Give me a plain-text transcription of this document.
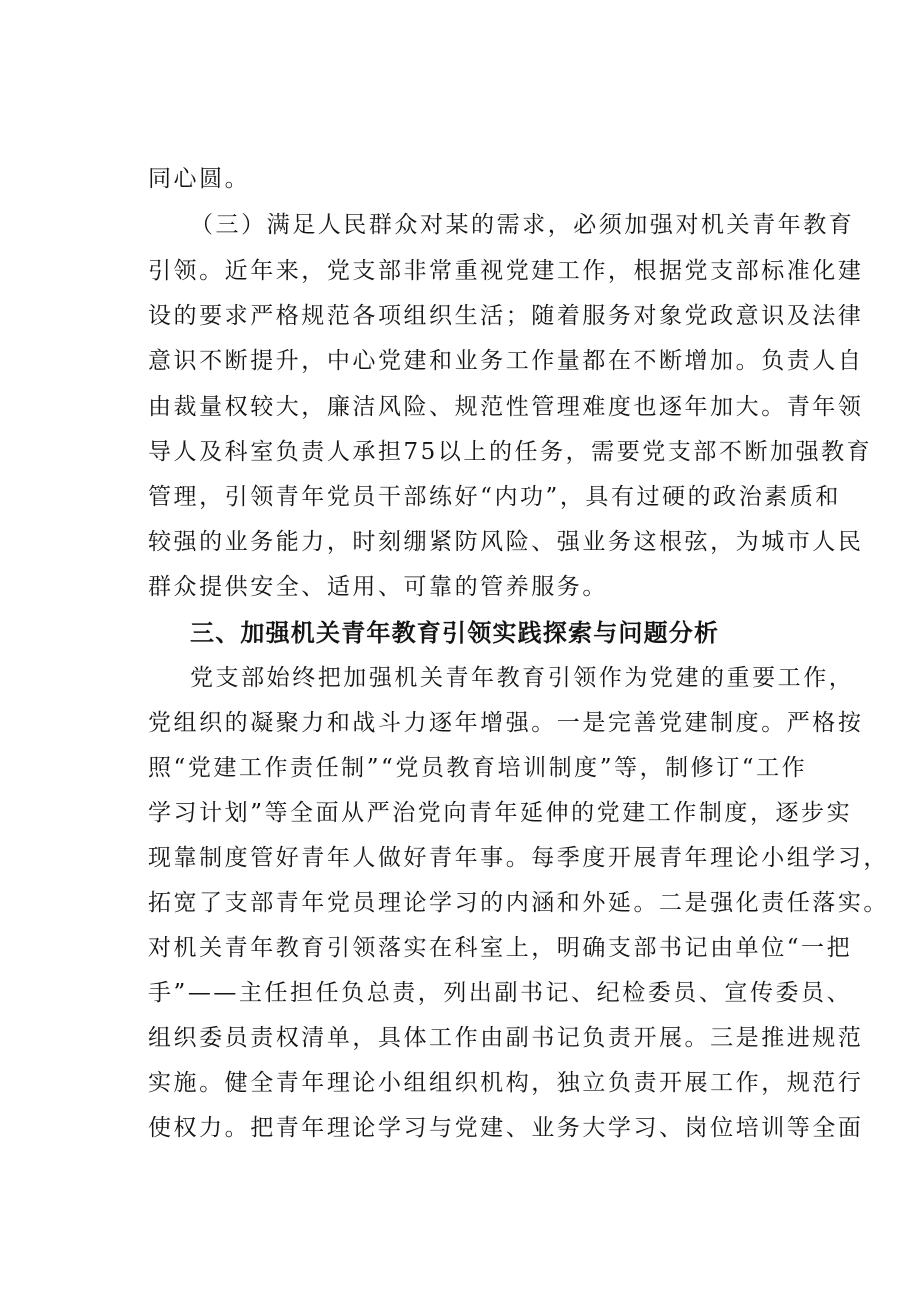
同心圆。
（三）满足人民群众对某的需求，必须加强对机关青年教育
引领。近年来，党支部非常重视党建工作，根据党支部标准化建
设的要求严格规范各项组织生活；随着服务对象党政意识及法律
意识不断提升，中心党建和业务工作量都在不断增加。负责人自
由裁量权较大，廉洁风险、规范性管理难度也逐年加大。青年领
导人及科室负责人承担75以上的任务，需要党支部不断加强教育
管理，引领青年党员干部练好“内功”，具有过硬的政治素质和
较强的业务能力，时刻绷紧防风险、强业务这根弦，为城市人民
群众提供安全、适用、可靠的管养服务。
三、加强机关青年教育引领实践探索与问题分析
党支部始终把加强机关青年教育引领作为党建的重要工作，
党组织的凝聚力和战斗力逐年增强。一是完善党建制度。严格按
照“党建工作责任制”“党员教育培训制度”等，制修订“工作
学习计划”等全面从严治党向青年延伸的党建工作制度，逐步实
现靠制度管好青年人做好青年事。每季度开展青年理论小组学习，
拓宽了支部青年党员理论学习的内涵和外延。二是强化责任落实。
对机关青年教育引领落实在科室上，明确支部书记由单位“一把
手”——主任担任负总责，列出副书记、纪检委员、宣传委员、
组织委员责权清单，具体工作由副书记负责开展。三是推进规范
实施。健全青年理论小组组织机构，独立负责开展工作，规范行
使权力。把青年理论学习与党建、业务大学习、岗位培训等全面
